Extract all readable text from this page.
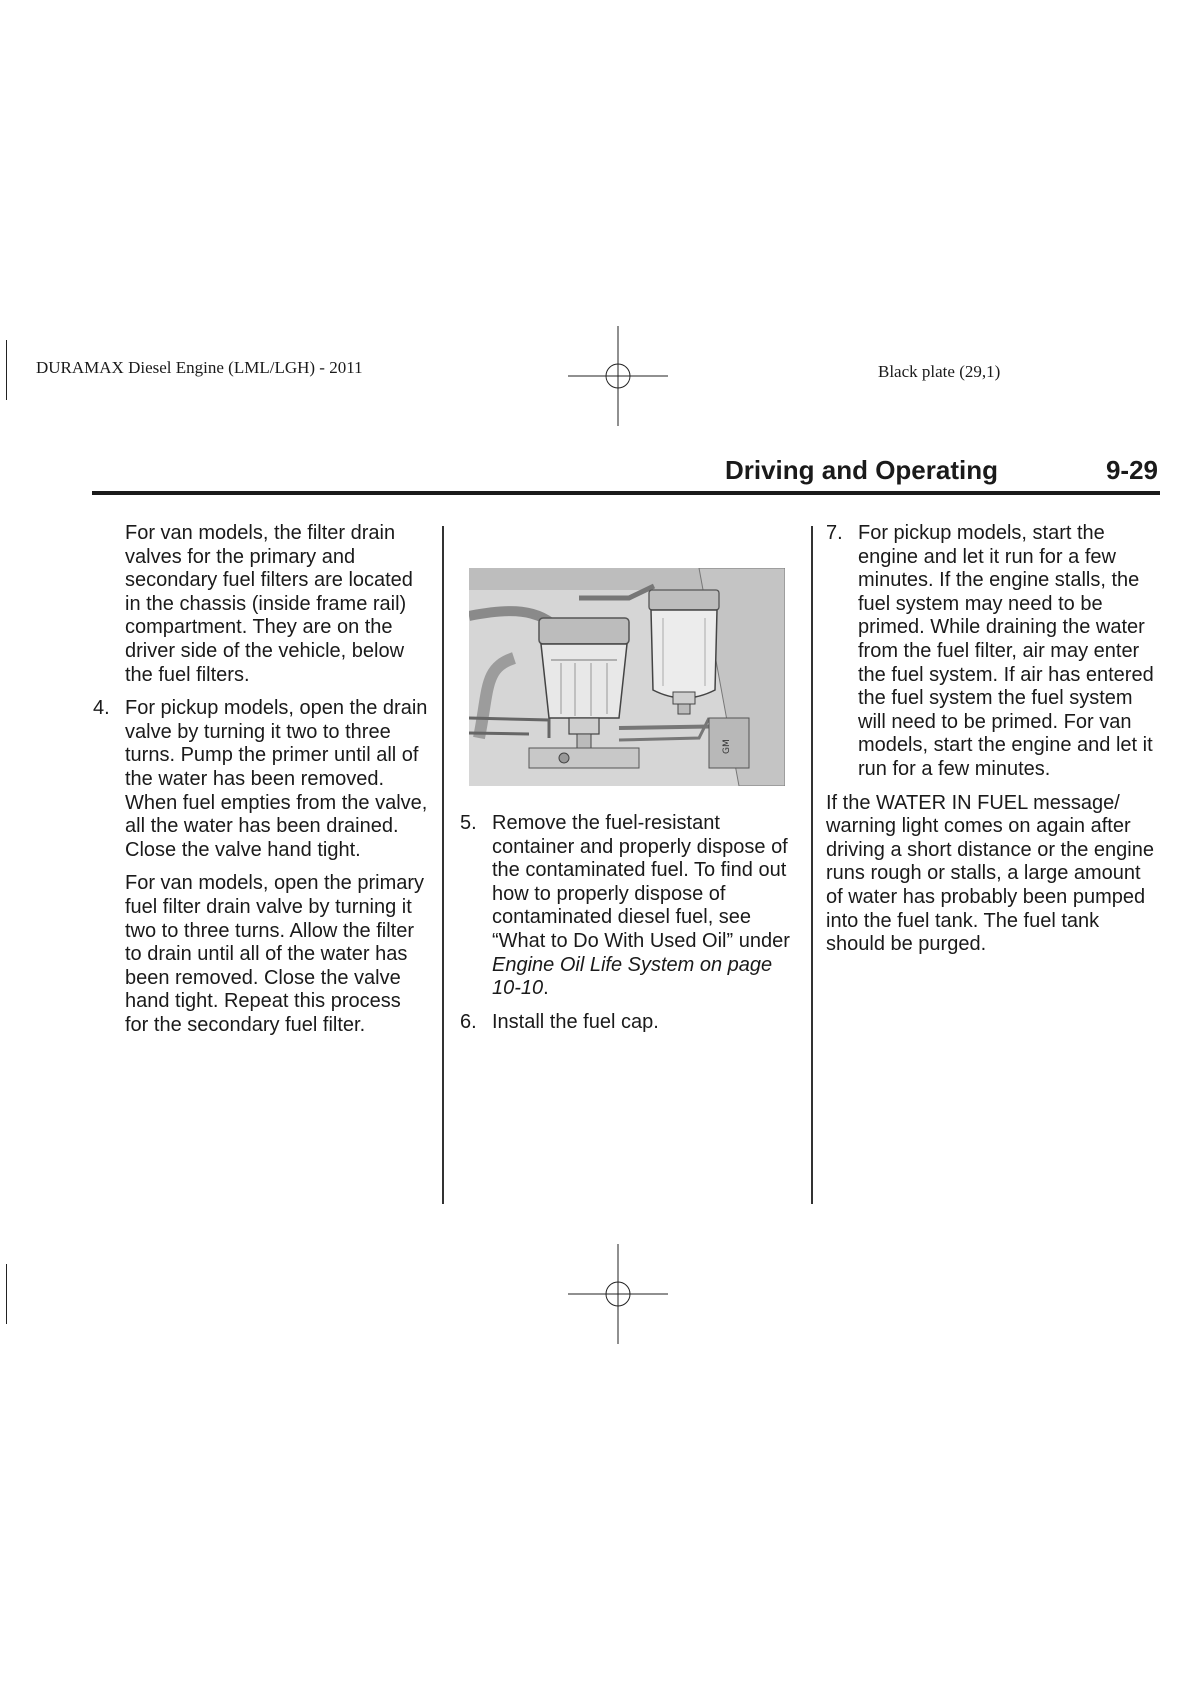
DURAMAX Diesel Engine (LML/LGH) - 2011	Black plate (29,1)
Driving and Operating	9-29

For van models, the filter drain valves for the primary and secondary fuel filters are located in the chassis (inside frame rail) compartment. They are on the driver side of the vehicle, below the fuel filters.

4. For pickup models, open the drain valve by turning it two to three turns. Pump the primer until all of the water has been removed. When fuel empties from the valve, all the water has been drained. Close the valve hand tight.

For van models, open the primary fuel filter drain valve by turning it two to three turns. Allow the filter to drain until all of the water has been removed. Close the valve hand tight. Repeat this process for the secondary fuel filter.

GM
5. Remove the fuel-resistant container and properly dispose of the contaminated fuel. To find out how to properly dispose of contaminated diesel fuel, see “What to Do With Used Oil” under Engine Oil Life System on page 10-10.

6. Install the fuel cap.

7. For pickup models, start the engine and let it run for a few minutes. If the engine stalls, the fuel system may need to be primed. While draining the water from the fuel filter, air may enter the fuel system. If air has entered the fuel system the fuel system will need to be primed. For van models, start the engine and let it run for a few minutes.

If the WATER IN FUEL message/ warning light comes on again after driving a short distance or the engine runs rough or stalls, a large amount of water has probably been pumped into the fuel tank. The fuel tank should be purged.
